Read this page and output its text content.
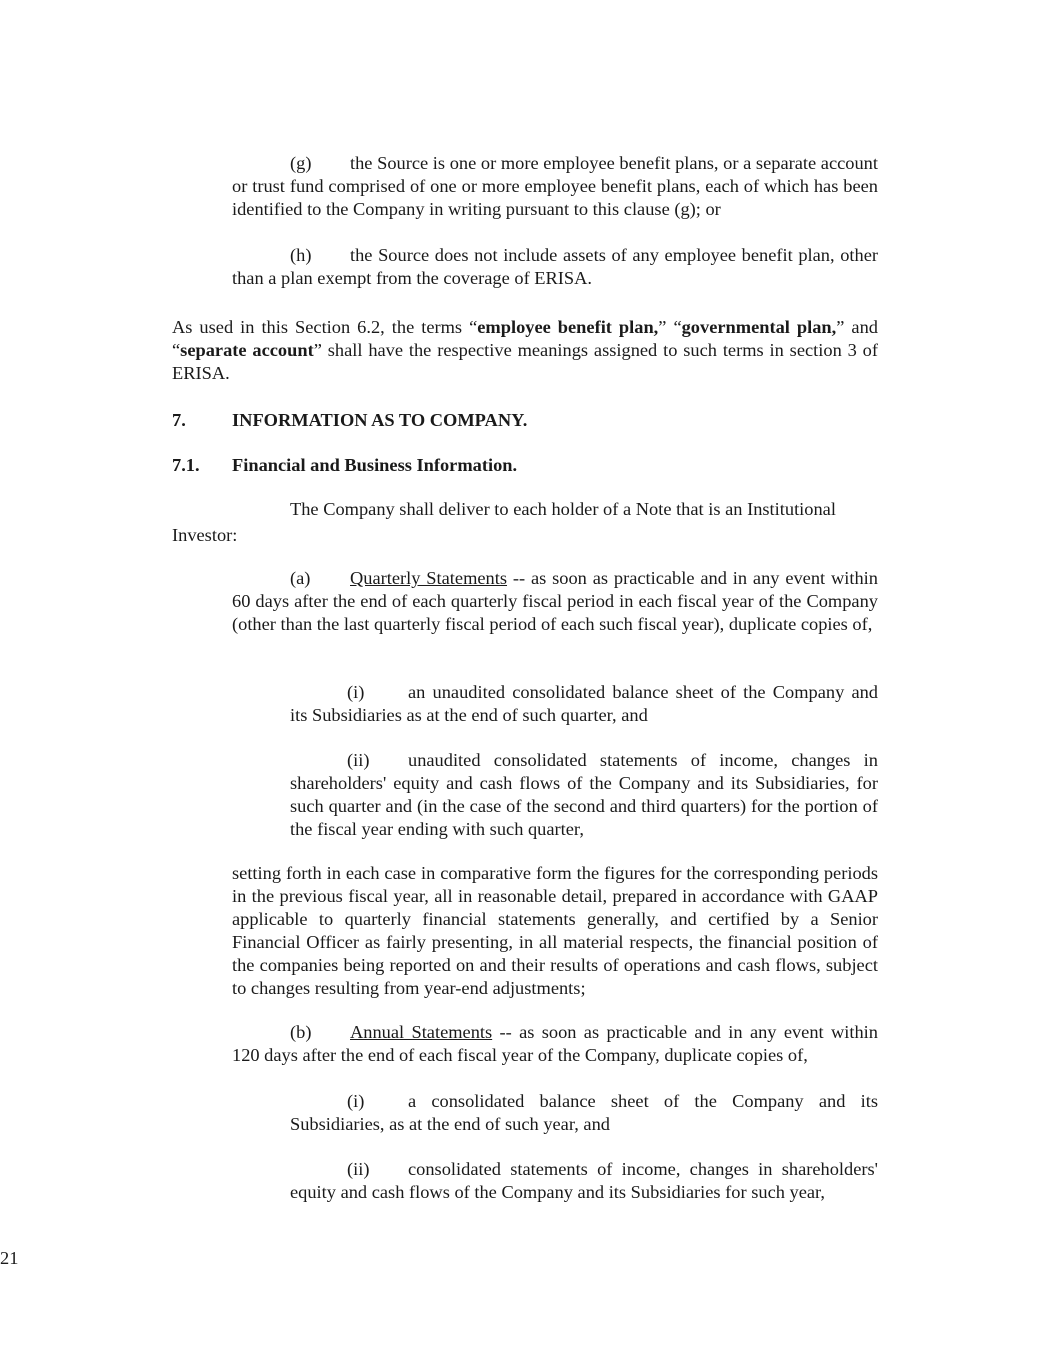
(g) the Source is one or more employee benefit plans, or a separate account or trust fund comprised of one or more employee benefit plans, each of which has been identified to the Company in writing pursuant to this clause (g); or
(h) the Source does not include assets of any employee benefit plan, other than a plan exempt from the coverage of ERISA.
As used in this Section 6.2, the terms “employee benefit plan,” “governmental plan,” and “separate account” shall have the respective meanings assigned to such terms in section 3 of ERISA.
7.	INFORMATION AS TO COMPANY.
7.1. Financial and Business Information.
The Company shall deliver to each holder of a Note that is an Institutional
Investor:
(a) Quarterly Statements -- as soon as practicable and in any event within 60 days after the end of each quarterly fiscal period in each fiscal year of the Company (other than the last quarterly fiscal period of each such fiscal year), duplicate copies of,
(i) an unaudited consolidated balance sheet of the Company and its Subsidiaries as at the end of such quarter, and
(ii) unaudited consolidated statements of income, changes in shareholders' equity and cash flows of the Company and its Subsidiaries, for such quarter and (in the case of the second and third quarters) for the portion of the fiscal year ending with such quarter,
setting forth in each case in comparative form the figures for the corresponding periods in the previous fiscal year, all in reasonable detail, prepared in accordance with GAAP applicable to quarterly financial statements generally, and certified by a Senior Financial Officer as fairly presenting, in all material respects, the financial position of the companies being reported on and their results of operations and cash flows, subject to changes resulting from year-end adjustments;
(b) Annual Statements -- as soon as practicable and in any event within 120 days after the end of each fiscal year of the Company, duplicate copies of,
(i) a consolidated balance sheet of the Company and its Subsidiaries, as at the end of such year, and
(ii) consolidated statements of income, changes in shareholders' equity and cash flows of the Company and its Subsidiaries for such year,
21
